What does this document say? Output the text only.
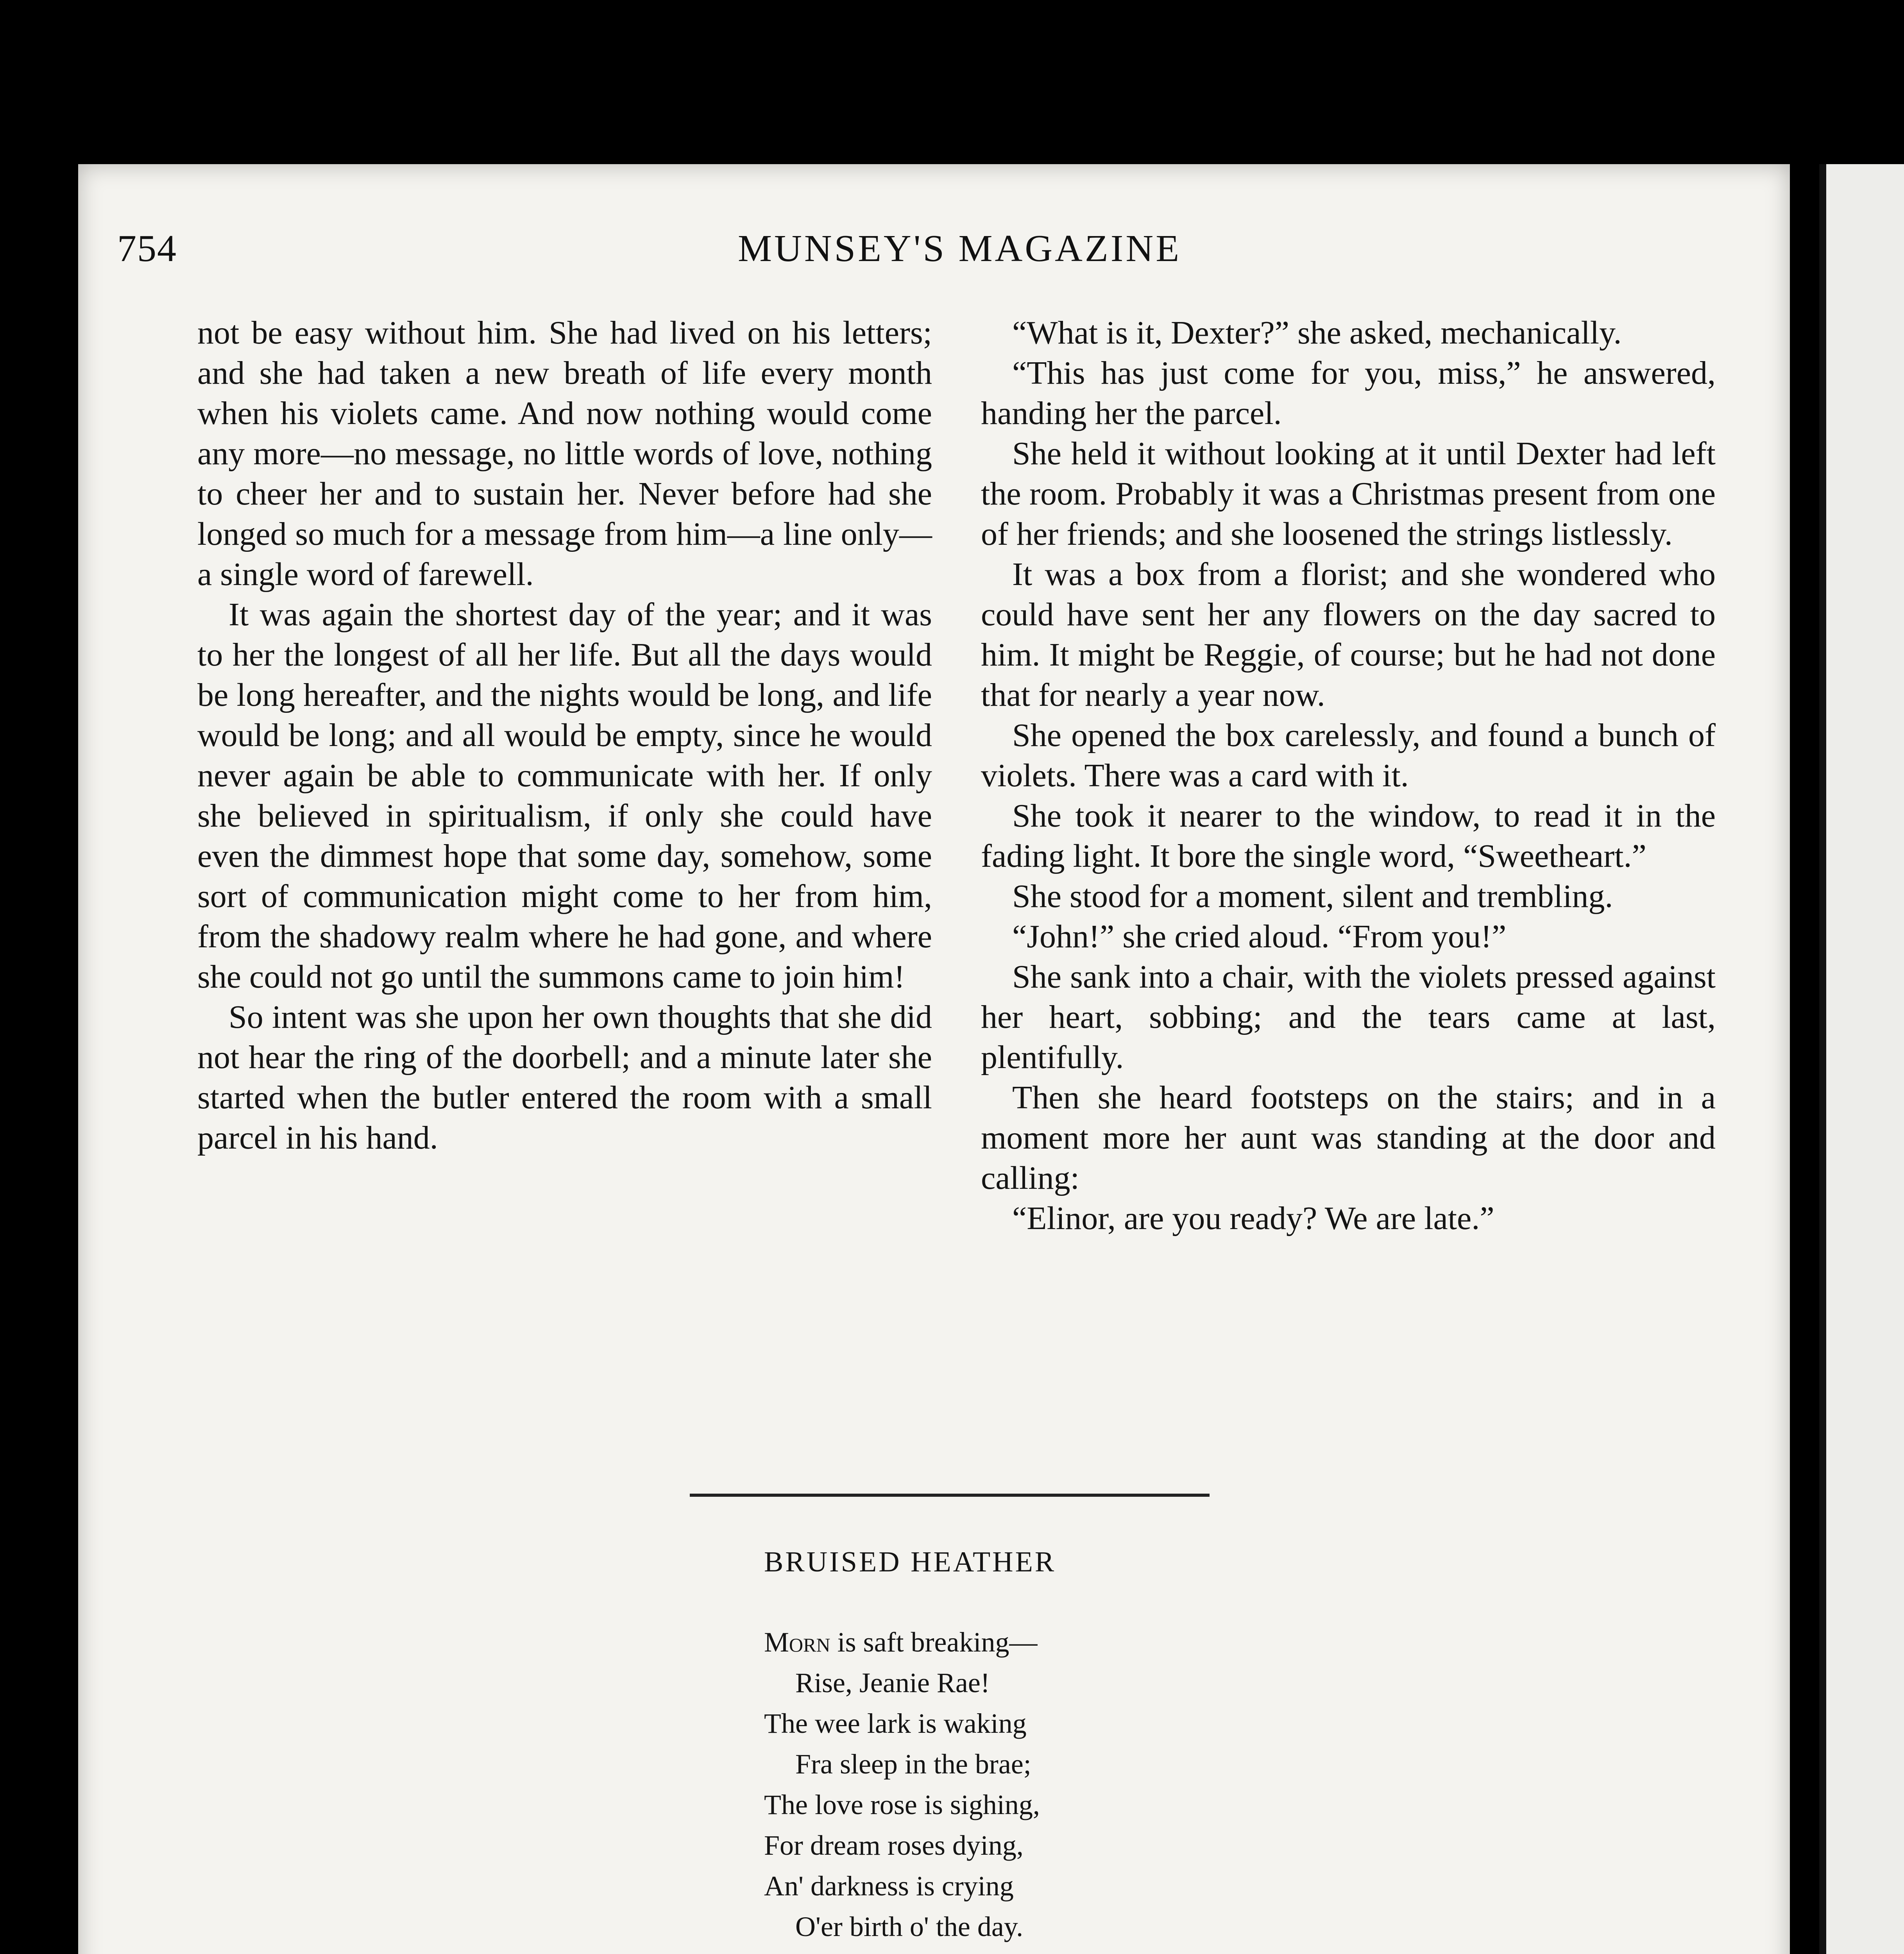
754	MUNSEY'S MAGAZINE

not be easy without him. She had lived on his letters; and she had taken a new breath of life every month when his violets came. And now nothing would come any more—no message, no little words of love, nothing to cheer her and to sustain her. Never before had she longed so much for a message from him—a line only—a single word of farewell.

It was again the shortest day of the year; and it was to her the longest of all her life. But all the days would be long hereafter, and the nights would be long, and life would be long; and all would be empty, since he would never again be able to communicate with her. If only she believed in spiritualism, if only she could have even the dimmest hope that some day, somehow, some sort of communication might come to her from him, from the shadowy realm where he had gone, and where she could not go until the summons came to join him!

So intent was she upon her own thoughts that she did not hear the ring of the doorbell; and a minute later she started when the butler entered the room with a small parcel in his hand.

“What is it, Dexter?” she asked, mechanically.

“This has just come for you, miss,” he answered, handing her the parcel.

She held it without looking at it until Dexter had left the room. Probably it was a Christmas present from one of her friends; and she loosened the strings listlessly.

It was a box from a florist; and she wondered who could have sent her any flowers on the day sacred to him. It might be Reggie, of course; but he had not done that for nearly a year now.

She opened the box carelessly, and found a bunch of violets. There was a card with it.

She took it nearer to the window, to read it in the fading light. It bore the single word, “Sweetheart.”

She stood for a moment, silent and trembling.

“John!” she cried aloud. “From you!”

She sank into a chair, with the violets pressed against her heart, sobbing; and the tears came at last, plentifully.

Then she heard footsteps on the stairs; and in a moment more her aunt was standing at the door and calling:

“Elinor, are you ready? We are late.”

BRUISED HEATHER
Morn is saft breaking—
Rise, Jeanie Rae!
The wee lark is waking
Fra sleep in the brae;
The love rose is sighing,
For dream roses dying,
An' darkness is crying
O'er birth o' the day.
